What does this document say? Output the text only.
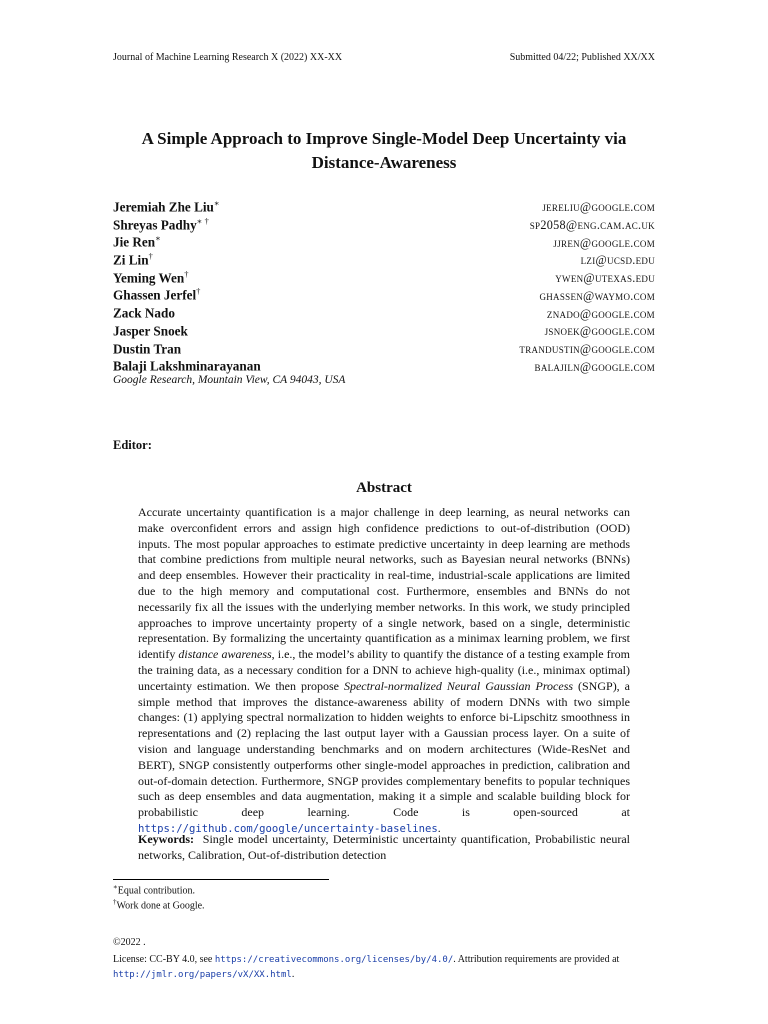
Journal of Machine Learning Research X (2022) XX-XX	Submitted 04/22; Published XX/XX
A Simple Approach to Improve Single-Model Deep Uncertainty via
Distance-Awareness
Jeremiah Zhe Liu∗	jereliu@google.com
Shreyas Padhy∗ †	sp2058@eng.cam.ac.uk
Jie Ren∗	jjren@google.com
Zi Lin†	lzi@ucsd.edu
Yeming Wen†	ywen@utexas.edu
Ghassen Jerfel†	ghassen@waymo.com
Zack Nado	znado@google.com
Jasper Snoek	jsnoek@google.com
Dustin Tran	trandustin@google.com
Balaji Lakshminarayanan	balajiln@google.com
Google Research, Mountain View, CA 94043, USA
Editor:
Abstract
Accurate uncertainty quantification is a major challenge in deep learning, as neural networks can make overconfident errors and assign high confidence predictions to out-of-distribution (OOD) inputs. The most popular approaches to estimate predictive uncertainty in deep learning are methods that combine predictions from multiple neural networks, such as Bayesian neural networks (BNNs) and deep ensembles. However their practicality in real-time, industrial-scale applications are limited due to the high memory and computational cost. Furthermore, ensembles and BNNs do not necessarily fix all the issues with the underlying member networks. In this work, we study principled approaches to improve uncertainty property of a single network, based on a single, deterministic representation. By formalizing the uncertainty quantification as a minimax learning problem, we first identify distance awareness, i.e., the model’s ability to quantify the distance of a testing example from the training data, as a necessary condition for a DNN to achieve high-quality (i.e., minimax optimal) uncertainty estimation. We then propose Spectral-normalized Neural Gaussian Process (SNGP), a simple method that improves the distance-awareness ability of modern DNNs with two simple changes: (1) applying spectral normalization to hidden weights to enforce bi-Lipschitz smoothness in representations and (2) replacing the last output layer with a Gaussian process layer. On a suite of vision and language understanding benchmarks and on modern architectures (Wide-ResNet and BERT), SNGP consistently outperforms other single-model approaches in prediction, calibration and out-of-domain detection. Furthermore, SNGP provides complementary benefits to popular techniques such as deep ensembles and data augmentation, making it a simple and scalable building block for probabilistic deep learning. Code is open-sourced at https://github.com/google/uncertainty-baselines.
Keywords: Single model uncertainty, Deterministic uncertainty quantification, Probabilistic neural networks, Calibration, Out-of-distribution detection
∗Equal contribution.
†Work done at Google.
©2022 .
License: CC-BY 4.0, see https://creativecommons.org/licenses/by/4.0/. Attribution requirements are provided at http://jmlr.org/papers/vX/XX.html.
